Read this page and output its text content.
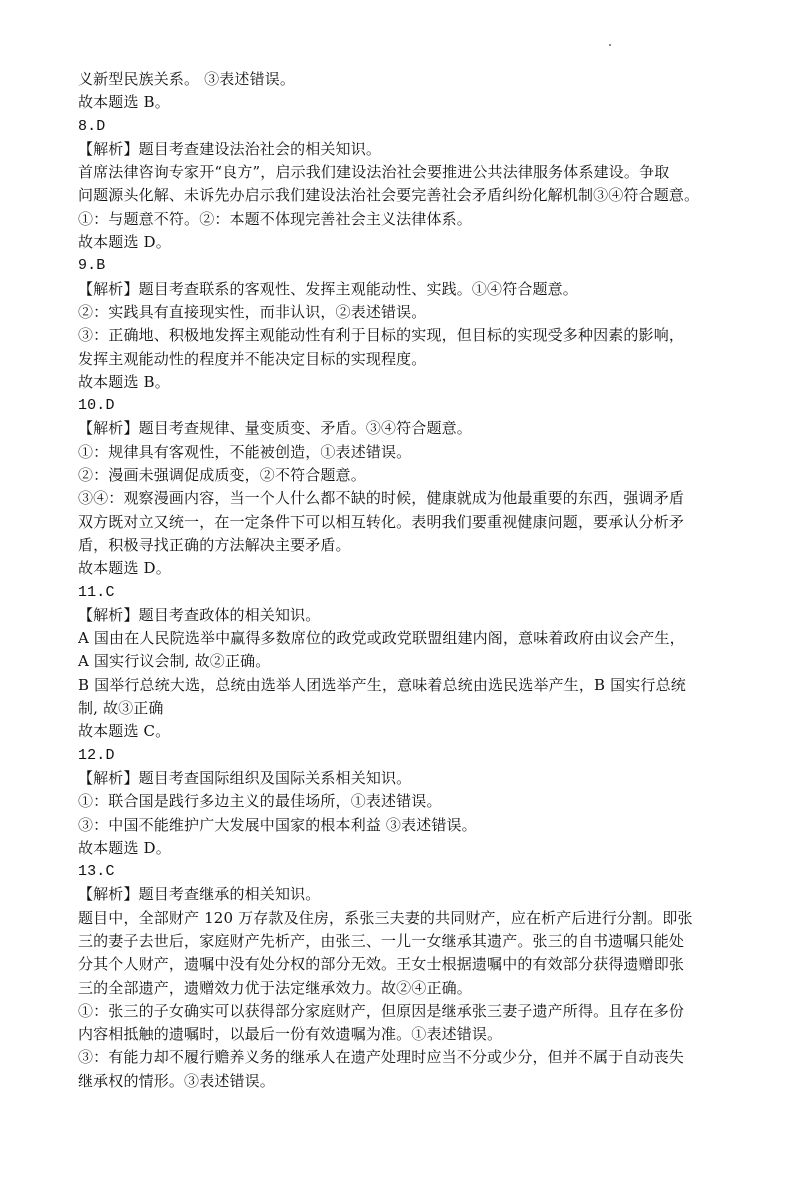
义新型民族关系。 ③表述错误。

故本题选 B。

8.D

【解析】题目考查建设法治社会的相关知识。

首席法律咨询专家开“良方”，启示我们建设法治社会要推进公共法律服务体系建设。争取

问题源头化解、未诉先办启示我们建设法治社会要完善社会矛盾纠纷化解机制③④符合题意。

①：与题意不符。②：本题不体现完善社会主义法律体系。

故本题选 D。

9.B

【解析】题目考查联系的客观性、发挥主观能动性、实践。①④符合题意。

②：实践具有直接现实性，而非认识，②表述错误。

③：正确地、积极地发挥主观能动性有利于目标的实现，但目标的实现受多种因素的影响，

发挥主观能动性的程度并不能决定目标的实现程度。

故本题选 B。

10.D

【解析】题目考查规律、量变质变、矛盾。③④符合题意。

①：规律具有客观性，不能被创造，①表述错误。

②：漫画未强调促成质变，②不符合题意。

③④：观察漫画内容，当一个人什么都不缺的时候，健康就成为他最重要的东西，强调矛盾

双方既对立又统一，在一定条件下可以相互转化。表明我们要重视健康问题，要承认分析矛

盾，积极寻找正确的方法解决主要矛盾。

故本题选 D。

11.C

【解析】题目考查政体的相关知识。

A 国由在人民院选举中赢得多数席位的政党或政党联盟组建内阁，意味着政府由议会产生，

A 国实行议会制, 故②正确。

B 国举行总统大选，总统由选举人团选举产生，意味着总统由选民选举产生，B 国实行总统

制, 故③正确

故本题选 C。

12.D

【解析】题目考查国际组织及国际关系相关知识。

①：联合国是践行多边主义的最佳场所，①表述错误。

③：中国不能维护广大发展中国家的根本利益 ③表述错误。

故本题选 D。

13.C

【解析】题目考查继承的相关知识。

题目中，全部财产 120 万存款及住房，系张三夫妻的共同财产，应在析产后进行分割。即张

三的妻子去世后，家庭财产先析产，由张三、一儿一女继承其遗产。张三的自书遗嘱只能处

分其个人财产，遗嘱中没有处分权的部分无效。王女士根据遗嘱中的有效部分获得遗赠即张

三的全部遗产，遗赠效力优于法定继承效力。故②④正确。

①：张三的子女确实可以获得部分家庭财产，但原因是继承张三妻子遗产所得。且存在多份

内容相抵触的遗嘱时，以最后一份有效遗嘱为准。①表述错误。

③：有能力却不履行赡养义务的继承人在遗产处理时应当不分或少分，但并不属于自动丧失

继承权的情形。③表述错误。
